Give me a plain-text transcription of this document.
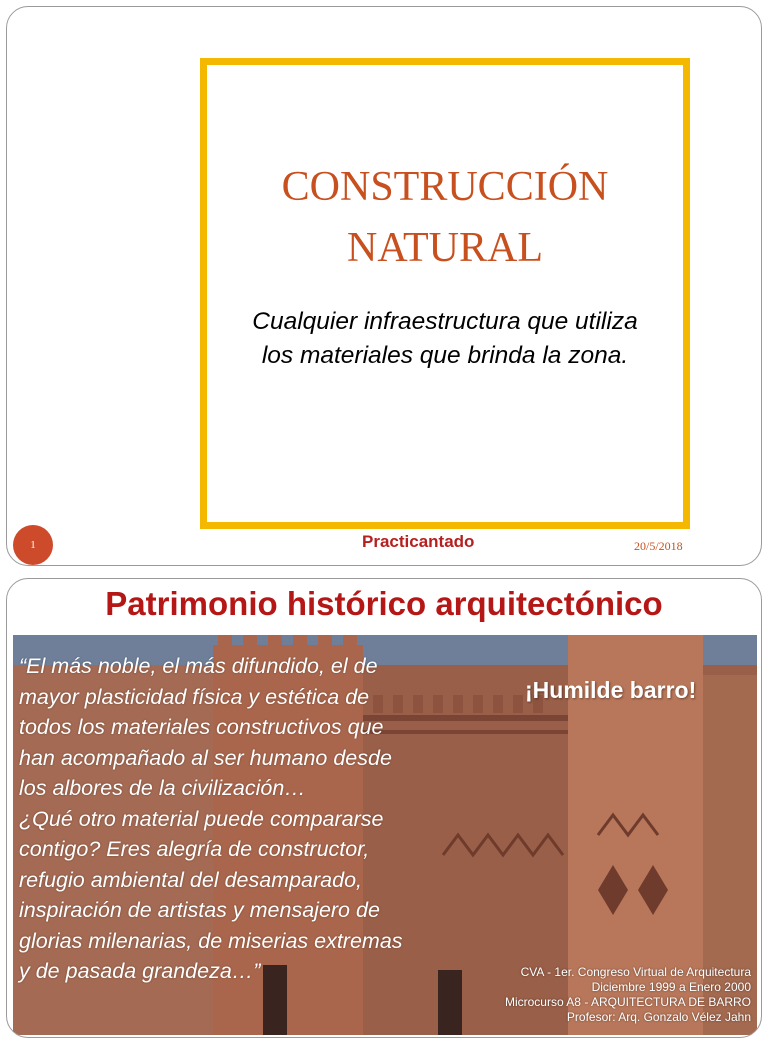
CONSTRUCCIÓN
NATURAL

Cualquier infraestructura que utiliza
los materiales que brinda la zona.

1	Practicantado	20/5/2018
Patrimonio histórico arquitectónico

“El más noble, el más difundido, el de
mayor plasticidad física y estética de
todos los materiales constructivos que
han acompañado al ser humano desde
los albores de la civilización…
¿Qué otro material puede compararse
contigo? Eres alegría de constructor,
refugio ambiental del desamparado,
inspiración de artistas y mensajero de
glorias milenarias, de miserias extremas
y de pasada grandeza…”

¡Humilde barro!
CVA - 1er. Congreso Virtual de Arquitectura
Diciembre 1999 a Enero 2000
Microcurso A8 - ARQUITECTURA DE BARRO
Profesor: Arq. Gonzalo Vélez Jahn
